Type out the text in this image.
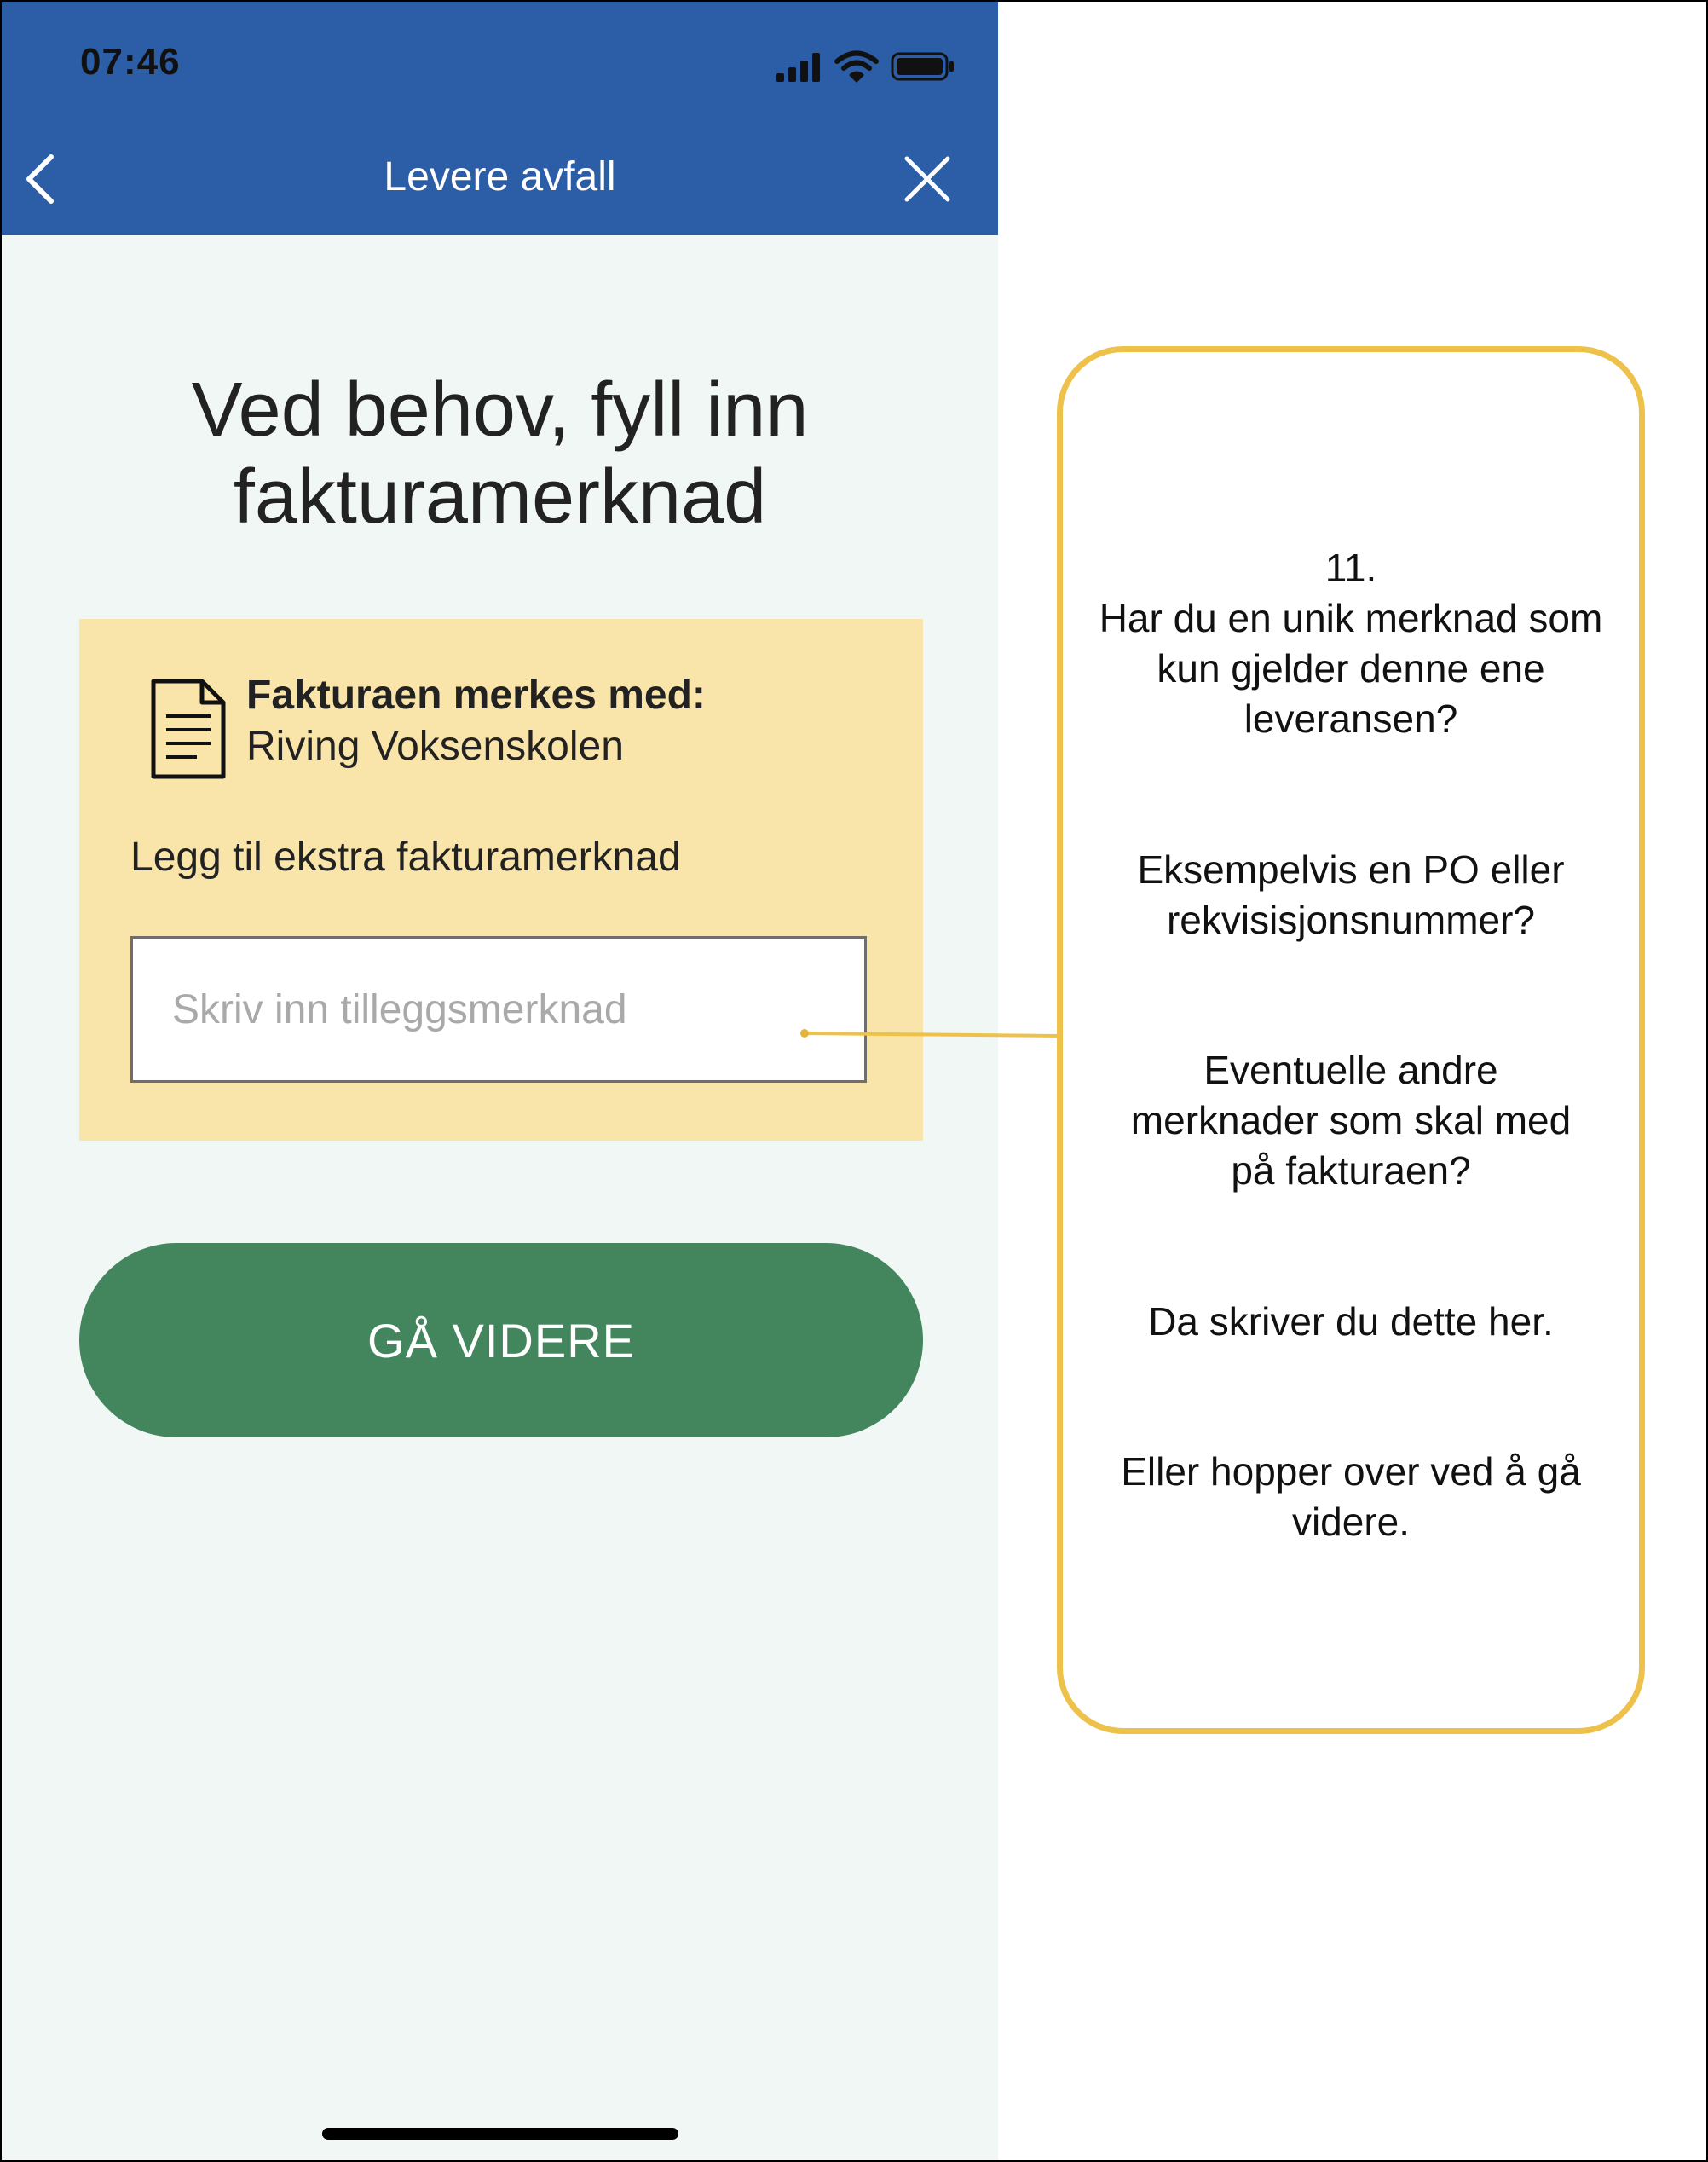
07:46
Levere avfall
Ved behov, fyll inn
fakturamerknad
Fakturaen merkes med:
Riving Voksenskolen
Legg til ekstra fakturamerknad
Skriv inn tilleggsmerknad
GÅ VIDERE
11.
Har du en unik merknad som kun gjelder denne ene leveransen?
Eksempelvis en PO eller rekvisisjonsnummer?
Eventuelle andre merknader som skal med på fakturaen?
Da skriver du dette her.
Eller hopper over ved å gå videre.
